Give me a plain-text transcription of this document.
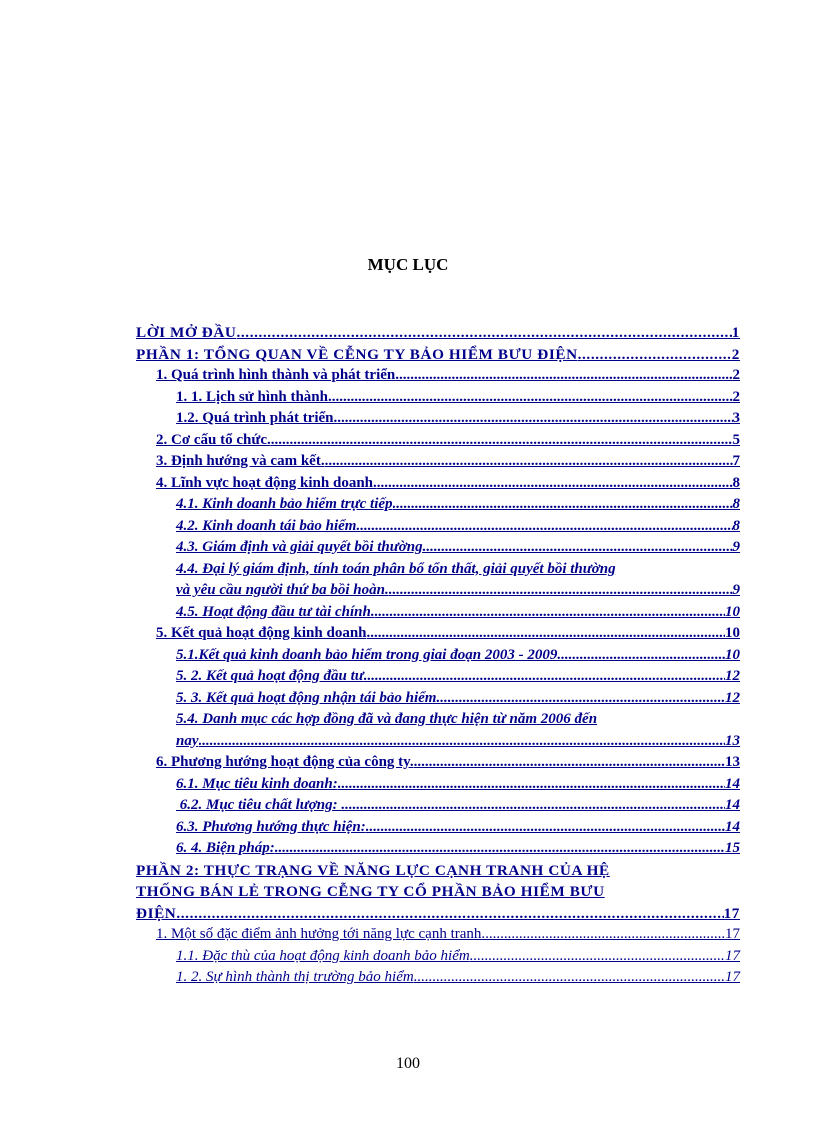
MỤC LỤC
LỜI MỞ ĐẦU .....	1
PHẦN 1: TỔNG QUAN VỀ CỄNG TY BẢO HIỂM BƯU ĐIỆN .....	2
1. Quá trình hình thành và phát triển .....	2
1. 1. Lịch sử hình thành .....	2
1.2. Quá trình phát triển. .....	3
2. Cơ cấu tổ chức. .....	5
3. Định hướng và cam kết. .....	7
4. Lĩnh vực hoạt động kinh doanh. .....	8
4.1. Kinh doanh bảo hiểm trực tiếp .....	8
4.2. Kinh doanh tái bảo hiểm. .....	8
4.3. Giám định và giải quyết bồi thường. .....	9
4.4. Đại lý giám định, tính toán phân bổ tổn thất, giải quyết bồi thường
và yêu cầu người thứ ba bồi hoàn. .....	9
4.5. Hoạt động đầu tư tài chính. .....	10
5. Kết quả hoạt động kinh doanh .....	10
5.1.Kết quả kinh doanh bảo hiểm trong giai đoạn 2003 - 2009 .....	10
5. 2. Kết quả hoạt động đầu tư .....	12
5. 3. Kết quả hoạt động nhận tái bảo hiểm. .....	12
5.4. Danh mục các hợp đồng đã và đang thực hiện từ năm 2006 đến
nay .....	13
6. Phương hướng hoạt động của công ty. .....	13
6.1. Mục tiêu kinh doanh: .....	14
6.2. Mục tiêu chất lượng: .....	14
6.3. Phương hướng thực hiện: .....	14
6. 4. Biện pháp: .....	15
PHẦN 2: THỰC TRẠNG VỀ NĂNG LỰC CẠNH TRANH CỦA HỆ
THỐNG BÁN LẺ TRONG CỄNG TY CỔ PHẦN BẢO HIỂM BƯU
ĐIỆN .....	17
1. Một số đặc điểm ảnh hưởng tới năng lực cạnh tranh .....	17
1.1. Đặc thù của hoạt động kinh doanh bảo hiểm .....	17
1. 2. Sự hình thành thị trường bảo hiểm .....	17
100
